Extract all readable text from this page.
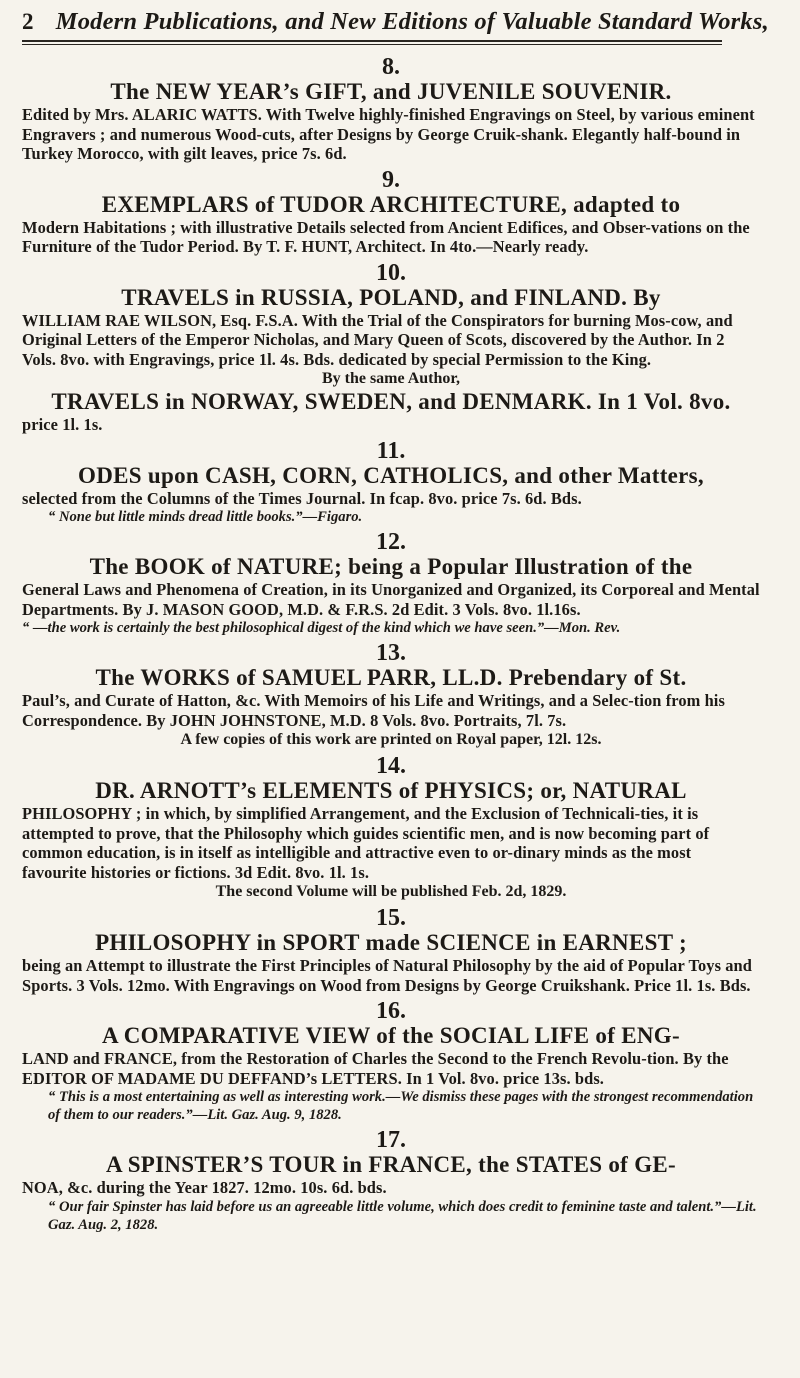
2 Modern Publications, and New Editions of Valuable Standard Works,
8.
The NEW YEAR’s GIFT, and JUVENILE SOUVENIR.
Edited by Mrs. ALARIC WATTS. With Twelve highly-finished Engravings on Steel, by various eminent Engravers ; and numerous Wood-cuts, after Designs by George Cruik-shank. Elegantly half-bound in Turkey Morocco, with gilt leaves, price 7s. 6d.
9.
EXEMPLARS of TUDOR ARCHITECTURE, adapted to
Modern Habitations ; with illustrative Details selected from Ancient Edifices, and Obser-vations on the Furniture of the Tudor Period. By T. F. HUNT, Architect. In 4to.—Nearly ready.
10.
TRAVELS in RUSSIA, POLAND, and FINLAND. By
WILLIAM RAE WILSON, Esq. F.S.A. With the Trial of the Conspirators for burning Mos-cow, and Original Letters of the Emperor Nicholas, and Mary Queen of Scots, discovered by the Author. In 2 Vols. 8vo. with Engravings, price 1l. 4s. Bds. dedicated by special Permission to the King.
By the same Author,
TRAVELS in NORWAY, SWEDEN, and DENMARK. In 1 Vol. 8vo.
price 1l. 1s.
11.
ODES upon CASH, CORN, CATHOLICS, and other Matters,
selected from the Columns of the Times Journal. In fcap. 8vo. price 7s. 6d. Bds.
“ None but little minds dread little books.”—Figaro.
12.
The BOOK of NATURE; being a Popular Illustration of the
General Laws and Phenomena of Creation, in its Unorganized and Organized, its Corporeal and Mental Departments. By J. MASON GOOD, M.D. & F.R.S. 2d Edit. 3 Vols. 8vo. 1l.16s.
“ —the work is certainly the best philosophical digest of the kind which we have seen.”—Mon. Rev.
13.
The WORKS of SAMUEL PARR, LL.D. Prebendary of St.
Paul’s, and Curate of Hatton, &c. With Memoirs of his Life and Writings, and a Selec-tion from his Correspondence. By JOHN JOHNSTONE, M.D. 8 Vols. 8vo. Portraits, 7l. 7s.
A few copies of this work are printed on Royal paper, 12l. 12s.
14.
DR. ARNOTT’s ELEMENTS of PHYSICS; or, NATURAL
PHILOSOPHY ; in which, by simplified Arrangement, and the Exclusion of Technicali-ties, it is attempted to prove, that the Philosophy which guides scientific men, and is now becoming part of common education, is in itself as intelligible and attractive even to or-dinary minds as the most favourite histories or fictions. 3d Edit. 8vo. 1l. 1s.
The second Volume will be published Feb. 2d, 1829.
15.
PHILOSOPHY in SPORT made SCIENCE in EARNEST ;
being an Attempt to illustrate the First Principles of Natural Philosophy by the aid of Popular Toys and Sports. 3 Vols. 12mo. With Engravings on Wood from Designs by George Cruikshank. Price 1l. 1s. Bds.
16.
A COMPARATIVE VIEW of the SOCIAL LIFE of ENG-
LAND and FRANCE, from the Restoration of Charles the Second to the French Revolu-tion. By the EDITOR OF MADAME DU DEFFAND’s LETTERS. In 1 Vol. 8vo. price 13s. bds.
“ This is a most entertaining as well as interesting work.—We dismiss these pages with the strongest recommendation of them to our readers.”—Lit. Gaz. Aug. 9, 1828.
17.
A SPINSTER’S TOUR in FRANCE, the STATES of GE-
NOA, &c. during the Year 1827. 12mo. 10s. 6d. bds.
“ Our fair Spinster has laid before us an agreeable little volume, which does credit to feminine taste and talent.”—Lit. Gaz. Aug. 2, 1828.
